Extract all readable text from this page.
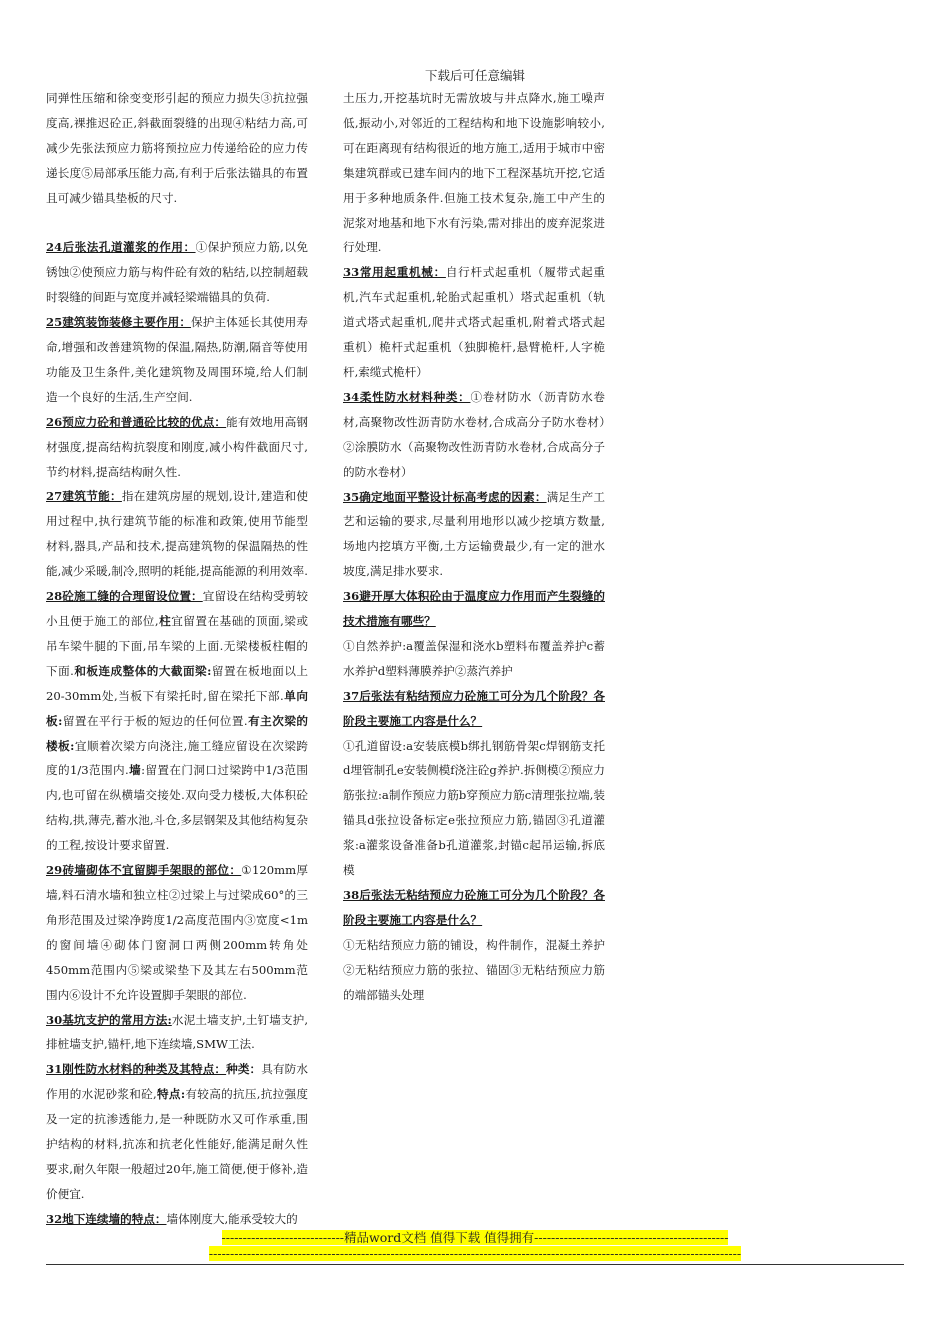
下载后可任意编辑

同弹性压缩和徐变变形引起的预应力损失③抗拉强度高,裸推迟砼正,斜截面裂缝的出现④粘结力高,可减少先张法预应力筋将预拉应力传递给砼的应力传递长度⑤局部承压能力高,有利于后张法锚具的布置且可减少锚具垫板的尺寸.

24后张法孔道灌浆的作用：①保护预应力筋,以免锈蚀②使预应力筋与构件砼有效的粘结,以控制超载时裂缝的间距与宽度并减轻梁端锚具的负荷.

25建筑装饰装修主要作用：保护主体延长其使用寿命,增强和改善建筑物的保温,隔热,防潮,隔音等使用功能及卫生条件,美化建筑物及周围环境,给人们制造一个良好的生活,生产空间.

26预应力砼和普通砼比较的优点：能有效地用高钢材强度,提高结构抗裂度和刚度,减小构件截面尺寸,节约材料,提高结构耐久性.

27建筑节能：指在建筑房屋的规划,设计,建造和使用过程中,执行建筑节能的标准和政策,使用节能型材料,器具,产品和技术,提高建筑物的保温隔热的性能,减少采暖,制冷,照明的耗能,提高能源的利用效率.

28砼施工缝的合理留设位置：宜留设在结构受剪较小且便于施工的部位,柱宜留置在基础的顶面,梁或吊车梁牛腿的下面,吊车梁的上面.无梁楼板柱帽的下面.和板连成整体的大截面梁:留置在板地面以上20-30mm处,当板下有梁托时,留在梁托下部.单向板:留置在平行于板的短边的任何位置.有主次梁的楼板:宜顺着次梁方向浇注,施工缝应留设在次梁跨度的1/3范围内.墙:留置在门洞口过梁跨中1/3范围内,也可留在纵横墙交接处.双向受力楼板,大体积砼结构,拱,薄壳,蓄水池,斗仓,多层钢架及其他结构复杂的工程,按设计要求留置.

29砖墙砌体不宜留脚手架眼的部位：①120mm厚墙,料石清水墙和独立柱②过梁上与过梁成60°的三角形范围及过梁净跨度1/2高度范围内③宽度<1m的窗间墙④砌体门窗洞口两侧200mm转角处450mm范围内⑤梁或梁垫下及其左右500mm范围内⑥设计不允许设置脚手架眼的部位.

30基坑支护的常用方法:水泥土墙支护,土钉墙支护,排桩墙支护,锚杆,地下连续墙,SMW工法.

31刚性防水材料的种类及其特点：种类：具有防水作用的水泥砂浆和砼,特点:有较高的抗压,抗拉强度及一定的抗渗透能力,是一种既防水又可作承重,围护结构的材料,抗冻和抗老化性能好,能满足耐久性要求,耐久年限一般超过20年,施工简便,便于修补,造价便宜.

32地下连续墙的特点：墙体刚度大,能承受较大的

土压力,开挖基坑时无需放坡与井点降水,施工噪声低,振动小,对邻近的工程结构和地下设施影响较小,可在距离现有结构很近的地方施工,适用于城市中密集建筑群或已建车间内的地下工程深基坑开挖,它适用于多种地质条件.但施工技术复杂,施工中产生的泥浆对地基和地下水有污染,需对排出的废弃泥浆进行处理.

33常用起重机械：自行杆式起重机（履带式起重机,汽车式起重机,轮胎式起重机）塔式起重机（轨道式塔式起重机,爬井式塔式起重机,附着式塔式起重机）桅杆式起重机（独脚桅杆,悬臂桅杆,人字桅杆,索缆式桅杆）

34柔性防水材料种类：①卷材防水（沥青防水卷材,高聚物改性沥青防水卷材,合成高分子防水卷材）②涂膜防水（高聚物改性沥青防水卷材,合成高分子的防水卷材）

35确定地面平整设计标高考虑的因素：满足生产工艺和运输的要求,尽量利用地形以减少挖填方数量,场地内挖填方平衡,土方运输费最少,有一定的泄水坡度,满足排水要求.

36避开厚大体积砼由于温度应力作用而产生裂缝的技术措施有哪些？

①自然养护:a覆盖保湿和浇水b塑料布覆盖养护c蓄水养护d塑料薄膜养护②蒸汽养护

37后张法有粘结预应力砼施工可分为几个阶段？各阶段主要施工内容是什么？

①孔道留设:a安装底模b绑扎钢筋骨架c焊钢筋支托d埋管制孔e安装侧模f浇注砼g养护.拆侧模②预应力筋张拉:a制作预应力筋b穿预应力筋c清理张拉端,装锚具d张拉设备标定e张拉预应力筋,锚固③孔道灌浆:a灌浆设备准备b孔道灌浆,封锚c起吊运输,拆底模

38后张法无粘结预应力砼施工可分为几个阶段？各阶段主要施工内容是什么？

①无粘结预应力筋的铺设，构件制作，混凝土养护②无粘结预应力筋的张拉、锚固③无粘结预应力筋的端部锚头处理

-----------------------------精品word文档 值得下载 值得拥有----------------------------------------------
------------------------------------------------------------------------------------------------------------------------------
